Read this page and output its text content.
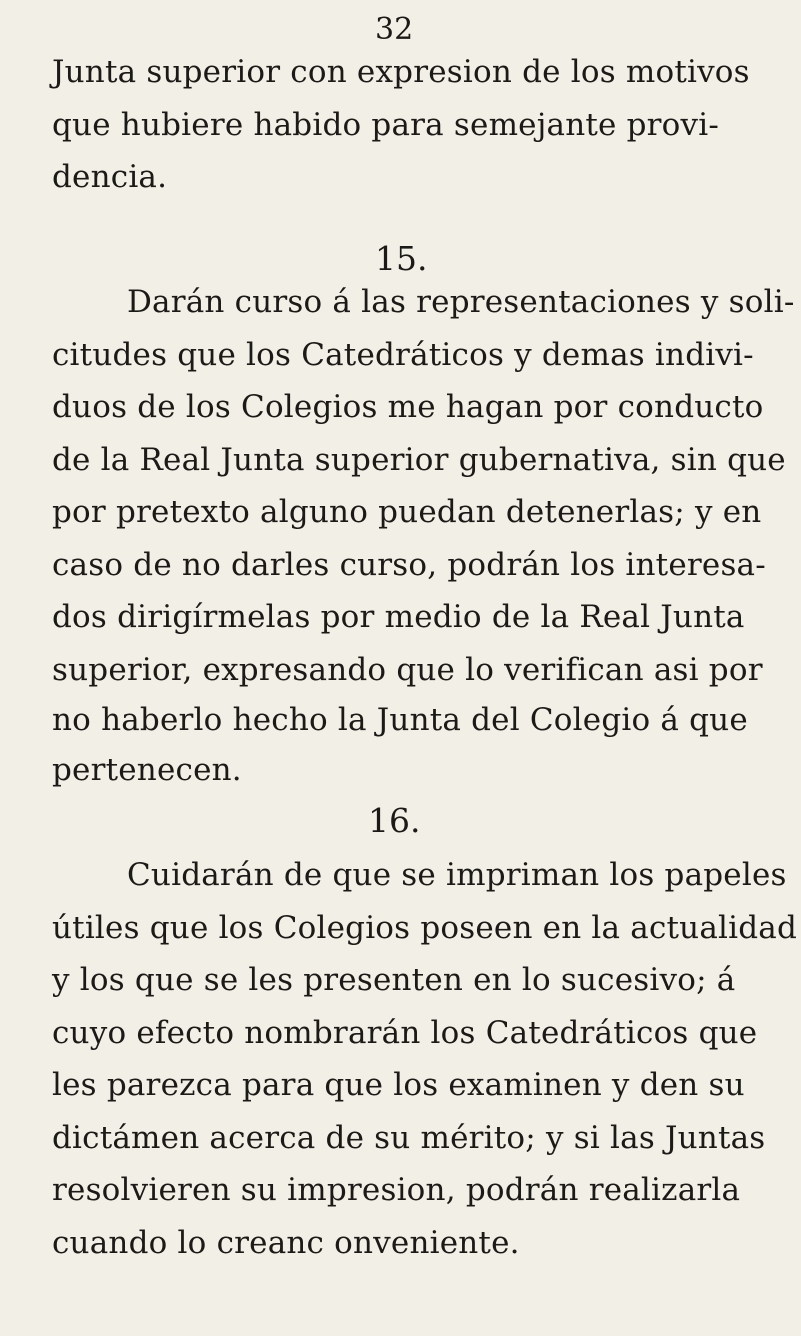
32
Junta superior con expresion de los motivos
que hubiere habido para semejante provi-
dencia.
15.
Darán curso á las representaciones y soli-
citudes que los Catedráticos y demas indivi-
duos de los Colegios me hagan por conducto
de la Real Junta superior gubernativa, sin que
por pretexto alguno puedan detenerlas; y en
caso de no darles curso, podrán los interesa-
dos dirigírmelas por medio de la Real Junta
superior, expresando que lo verifican asi por
no haberlo hecho la Junta del Colegio á que
pertenecen.
16.
Cuidarán de que se impriman los papeles
útiles que los Colegios poseen en la actualidad
y los que se les presenten en lo sucesivo; á
cuyo efecto nombrarán los Catedráticos que
les parezca para que los examinen y den su
dictámen acerca de su mérito; y si las Juntas
resolvieren su impresion, podrán realizarla
cuando lo creanc onveniente.
